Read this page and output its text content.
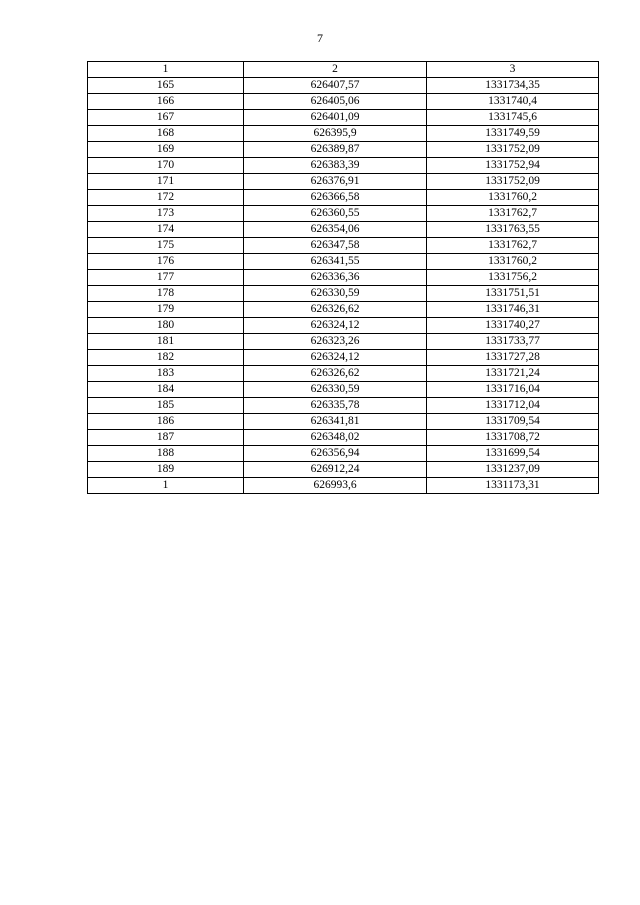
7
1	2	3
165	626407,57	1331734,35
166	626405,06	1331740,4
167	626401,09	1331745,6
168	626395,9	1331749,59
169	626389,87	1331752,09
170	626383,39	1331752,94
171	626376,91	1331752,09
172	626366,58	1331760,2
173	626360,55	1331762,7
174	626354,06	1331763,55
175	626347,58	1331762,7
176	626341,55	1331760,2
177	626336,36	1331756,2
178	626330,59	1331751,51
179	626326,62	1331746,31
180	626324,12	1331740,27
181	626323,26	1331733,77
182	626324,12	1331727,28
183	626326,62	1331721,24
184	626330,59	1331716,04
185	626335,78	1331712,04
186	626341,81	1331709,54
187	626348,02	1331708,72
188	626356,94	1331699,54
189	626912,24	1331237,09
1	626993,6	1331173,31
